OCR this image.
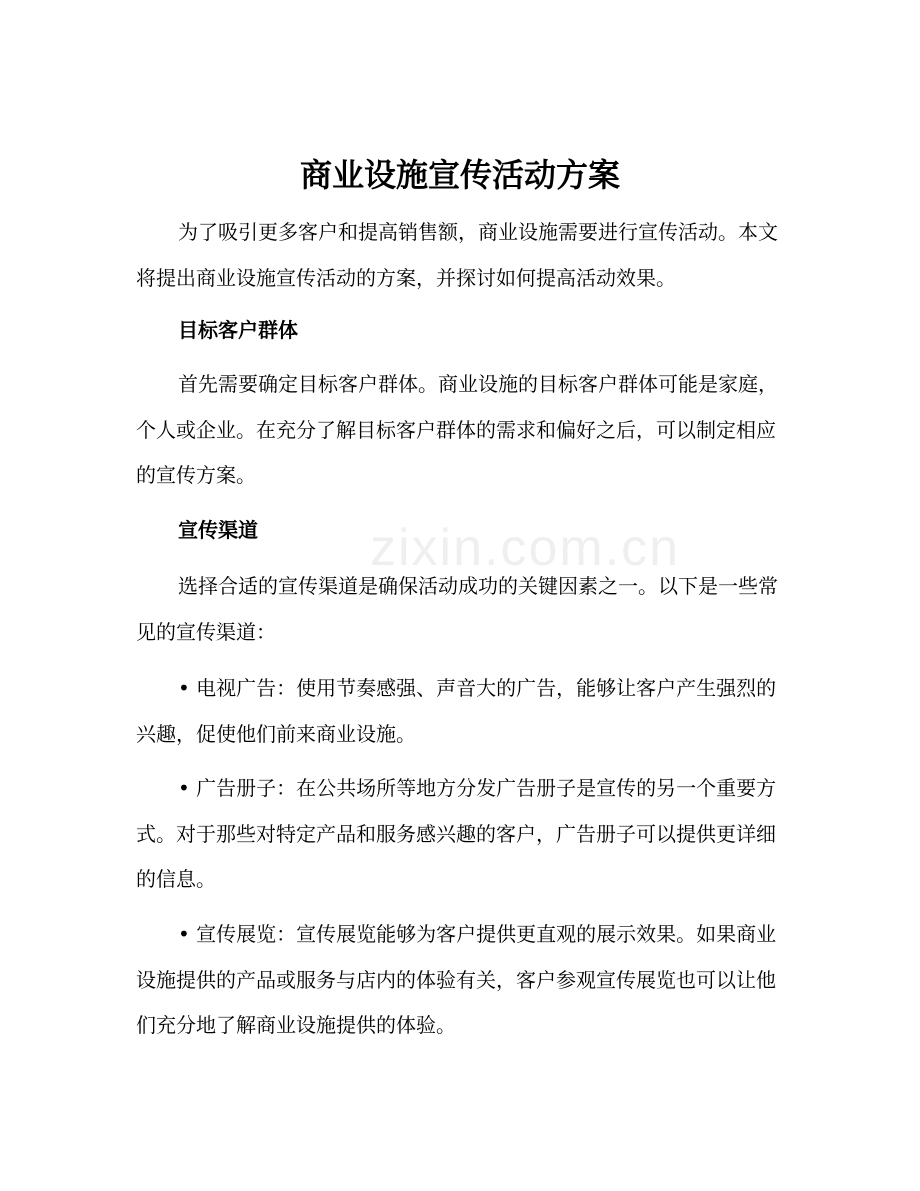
zixin.com.cn
商业设施宣传活动方案

为了吸引更多客户和提高销售额，商业设施需要进行宣传活动。本文将提出商业设施宣传活动的方案，并探讨如何提高活动效果。

目标客户群体

首先需要确定目标客户群体。商业设施的目标客户群体可能是家庭，个人或企业。在充分了解目标客户群体的需求和偏好之后，可以制定相应的宣传方案。

宣传渠道

选择合适的宣传渠道是确保活动成功的关键因素之一。以下是一些常见的宣传渠道：

• 电视广告：使用节奏感强、声音大的广告，能够让客户产生强烈的兴趣，促使他们前来商业设施。

• 广告册子：在公共场所等地方分发广告册子是宣传的另一个重要方式。对于那些对特定产品和服务感兴趣的客户，广告册子可以提供更详细的信息。

• 宣传展览：宣传展览能够为客户提供更直观的展示效果。如果商业设施提供的产品或服务与店内的体验有关，客户参观宣传展览也可以让他们充分地了解商业设施提供的体验。
